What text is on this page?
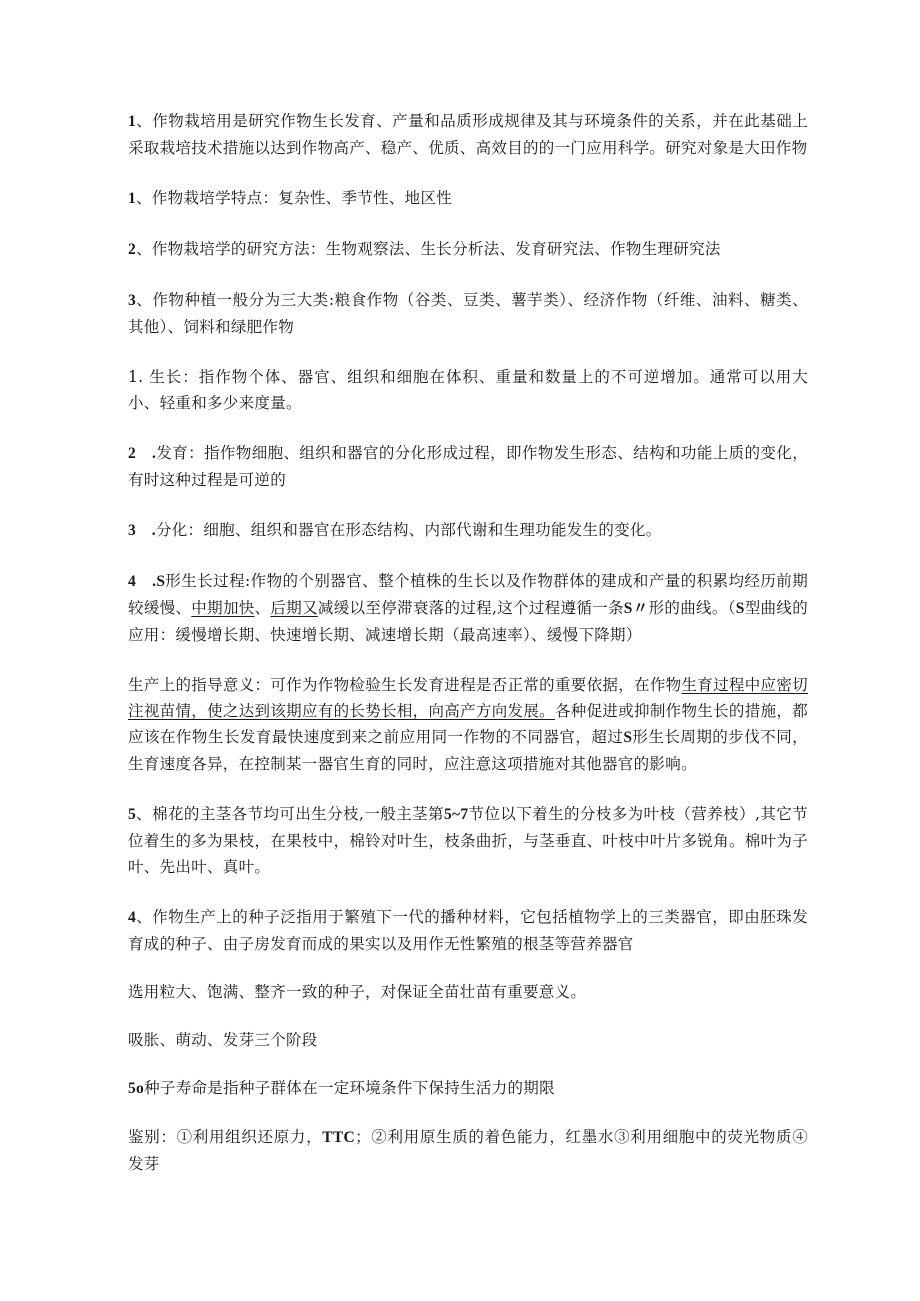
1、作物栽培用是研究作物生长发育、产量和品质形成规律及其与环境条件的关系，并在此基础上采取栽培技术措施以达到作物高产、稳产、优质、高效目的的一门应用科学。研究对象是大田作物

1、作物栽培学特点：复杂性、季节性、地区性

2、作物栽培学的研究方法：生物观察法、生长分析法、发育研究法、作物生理研究法

3、作物种植一般分为三大类:粮食作物（谷类、豆类、薯芋类）、经济作物（纤维、油料、糖类、其他）、饲料和绿肥作物

1. 生长：指作物个体、器官、组织和细胞在体积、重量和数量上的不可逆增加。通常可以用大小、轻重和多少来度量。

2 .发育：指作物细胞、组织和器官的分化形成过程，即作物发生形态、结构和功能上质的变化，有时这种过程是可逆的

3 .分化：细胞、组织和器官在形态结构、内部代谢和生理功能发生的变化。

4 .S形生长过程:作物的个别器官、整个植株的生长以及作物群体的建成和产量的积累均经历前期较缓慢、中期加快、后期又减缓以至停滞衰落的过程,这个过程遵循一条S〃形的曲线。（S型曲线的应用：缓慢增长期、快速增长期、减速增长期（最高速率）、缓慢下降期）

生产上的指导意义：可作为作物检验生长发育进程是否正常的重要依据，在作物生育过程中应密切注视苗情，使之达到该期应有的长势长相，向高产方向发展。各种促进或抑制作物生长的措施，都应该在作物生长发育最快速度到来之前应用同一作物的不同器官，超过S形生长周期的步伐不同，生育速度各异，在控制某一器官生育的同时，应注意这项措施对其他器官的影响。

5、棉花的主茎各节均可出生分枝,一般主茎第5~7节位以下着生的分枝多为叶枝（营养枝）,其它节位着生的多为果枝，在果枝中，棉铃对叶生，枝条曲折，与茎垂直、叶枝中叶片多锐角。棉叶为子叶、先出叶、真叶。

4、作物生产上的种子泛指用于繁殖下一代的播种材料，它包括植物学上的三类器官，即由胚珠发育成的种子、由子房发育而成的果实以及用作无性繁殖的根茎等营养器官

选用粒大、饱满、整齐一致的种子，对保证全苗壮苗有重要意义。

吸胀、萌动、发芽三个阶段

5o种子寿命是指种子群体在一定环境条件下保持生活力的期限

鉴别：①利用组织还原力，TTC；②利用原生质的着色能力，红墨水③利用细胞中的荧光物质④发芽
